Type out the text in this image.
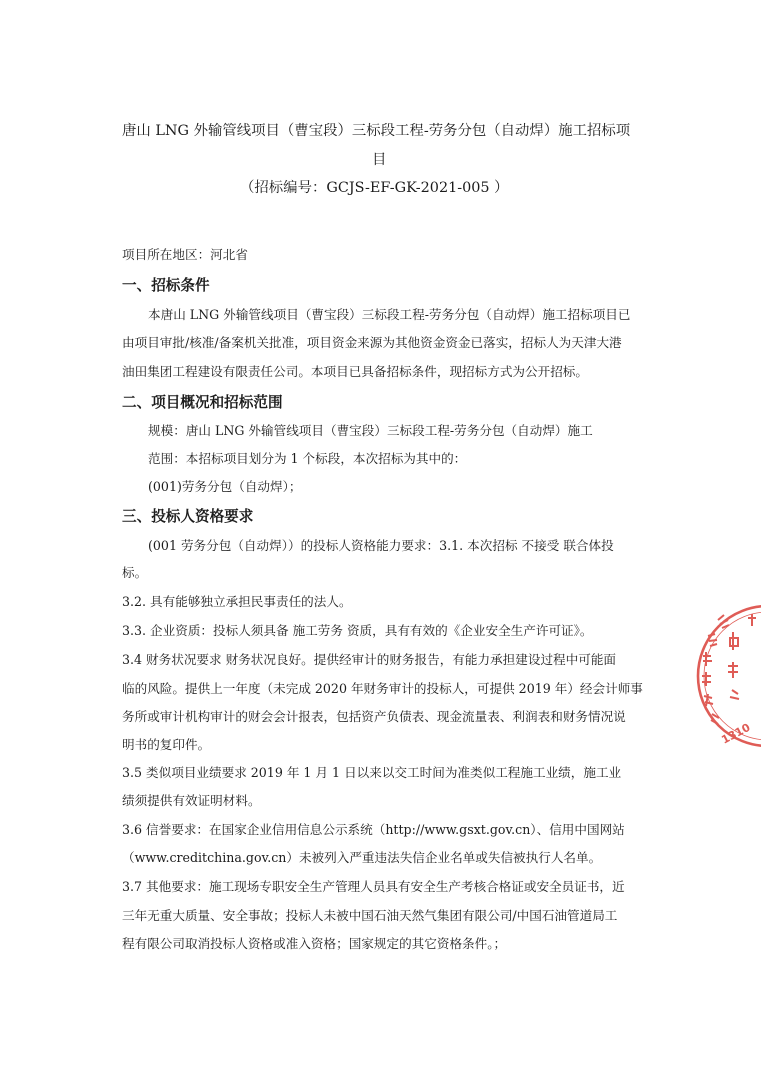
唐山 LNG 外输管线项目（曹宝段）三标段工程-劳务分包（自动焊）施工招标项
目
（招标编号：GCJS-EF-GK-2021-005 ）
项目所在地区：河北省
一、招标条件
本唐山 LNG 外输管线项目（曹宝段）三标段工程-劳务分包（自动焊）施工招标项目已
由项目审批/核准/备案机关批准，项目资金来源为其他资金资金已落实，招标人为天津大港
油田集团工程建设有限责任公司。本项目已具备招标条件，现招标方式为公开招标。
二、项目概况和招标范围
规模：唐山 LNG 外输管线项目（曹宝段）三标段工程-劳务分包（自动焊）施工
范围：本招标项目划分为 1 个标段，本次招标为其中的：
(001)劳务分包（自动焊）；
三、投标人资格要求
(001 劳务分包（自动焊））的投标人资格能力要求：3.1. 本次招标 不接受 联合体投
标。
3.2. 具有能够独立承担民事责任的法人。
3.3. 企业资质：投标人须具备 施工劳务 资质，具有有效的《企业安全生产许可证》。
3.4 财务状况要求 财务状况良好。提供经审计的财务报告，有能力承担建设过程中可能面
临的风险。提供上一年度（未完成 2020 年财务审计的投标人，可提供 2019 年）经会计师事
务所或审计机构审计的财会会计报表，包括资产负债表、现金流量表、利润表和财务情况说
明书的复印件。
3.5 类似项目业绩要求 2019 年 1 月 1 日以来以交工时间为准类似工程施工业绩，施工业
绩须提供有效证明材料。
3.6 信誉要求：在国家企业信用信息公示系统（http://www.gsxt.gov.cn）、信用中国网站
（www.creditchina.gov.cn）未被列入严重违法失信企业名单或失信被执行人名单。
3.7 其他要求：施工现场专职安全生产管理人员具有安全生产考核合格证或安全员证书，近
三年无重大质量、安全事故；投标人未被中国石油天然气集团有限公司/中国石油管道局工
程有限公司取消投标人资格或准入资格；国家规定的其它资格条件。；
1310
